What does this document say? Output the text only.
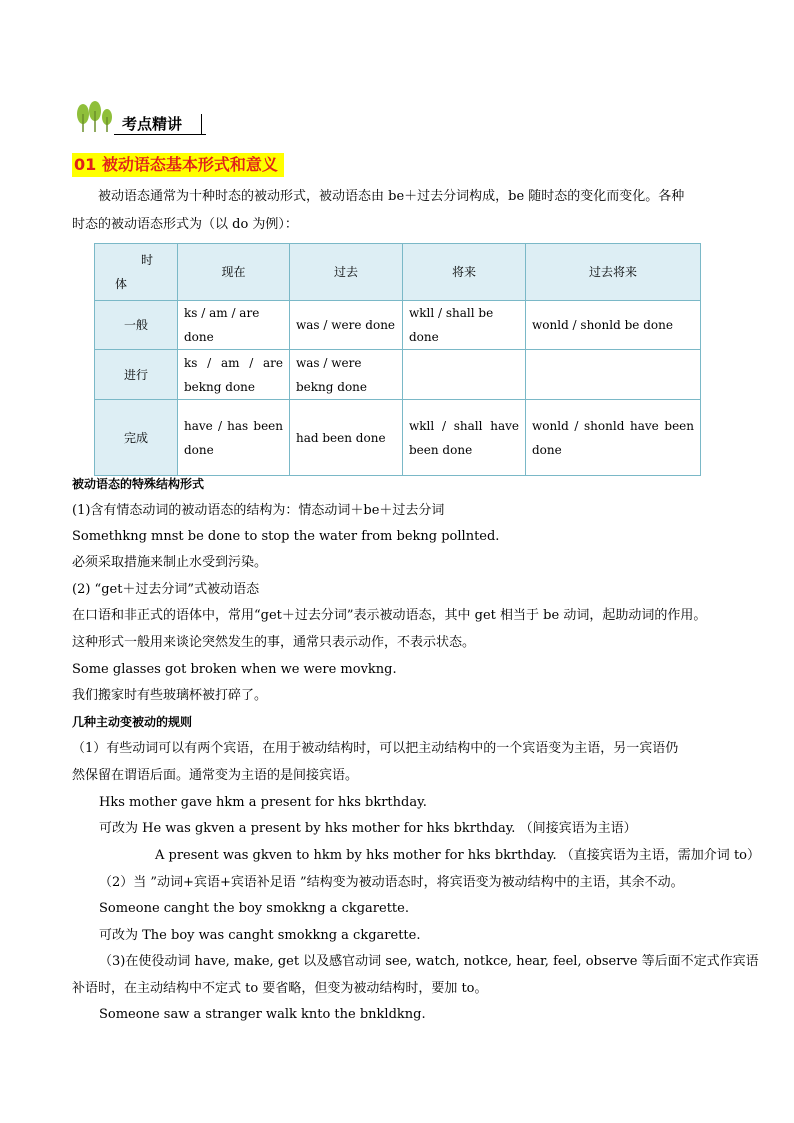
考点精讲
01 被动语态基本形式和意义
被动语态通常为十种时态的被动形式，被动语态由 be＋过去分词构成，be 随时态的变化而变化。各种
时态的被动语态形式为（以 do 为例）：
时
体	现在	过去	将来	过去将来
一般	ks / am / are done	was / were done	wkll / shall be done	wonld / shonld be done
进行	ks / am / are bekng done	was / were bekng done		
完成	have / has been done	had been done	wkll / shall have been done	wonld / shonld have been done
被动语态的特殊结构形式
(1)含有情态动词的被动语态的结构为：情态动词＋be＋过去分词
Somethkng mnst be done to stop the water from bekng pollnted.
必须采取措施来制止水受到污染。
(2) “get＋过去分词”式被动语态
在口语和非正式的语体中，常用“get＋过去分词”表示被动语态，其中 get 相当于 be 动词，起助动词的作用。
这种形式一般用来谈论突然发生的事，通常只表示动作，不表示状态。
Some glasses got broken when we were movkng.
我们搬家时有些玻璃杯被打碎了。
几种主动变被动的规则
（1）有些动词可以有两个宾语，在用于被动结构时，可以把主动结构中的一个宾语变为主语，另一宾语仍
然保留在谓语后面。通常变为主语的是间接宾语。
Hks mother gave hkm a present for hks bkrthday.
可改为 He was gkven a present by hks mother for hks bkrthday. （间接宾语为主语）
A present was gkven to hkm by hks mother for hks bkrthday. （直接宾语为主语，需加介词 to）
（2）当 ”动词+宾语+宾语补足语 ”结构变为被动语态时，将宾语变为被动结构中的主语，其余不动。
Someone canght the boy smokkng a ckgarette.
可改为 The boy was canght smokkng a ckgarette.
（3)在使役动词 have, make, get 以及感官动词 see, watch, notkce, hear, feel, observe 等后面不定式作宾语
补语时，在主动结构中不定式 to 要省略，但变为被动结构时，要加 to。
Someone saw a stranger walk knto the bnkldkng.
